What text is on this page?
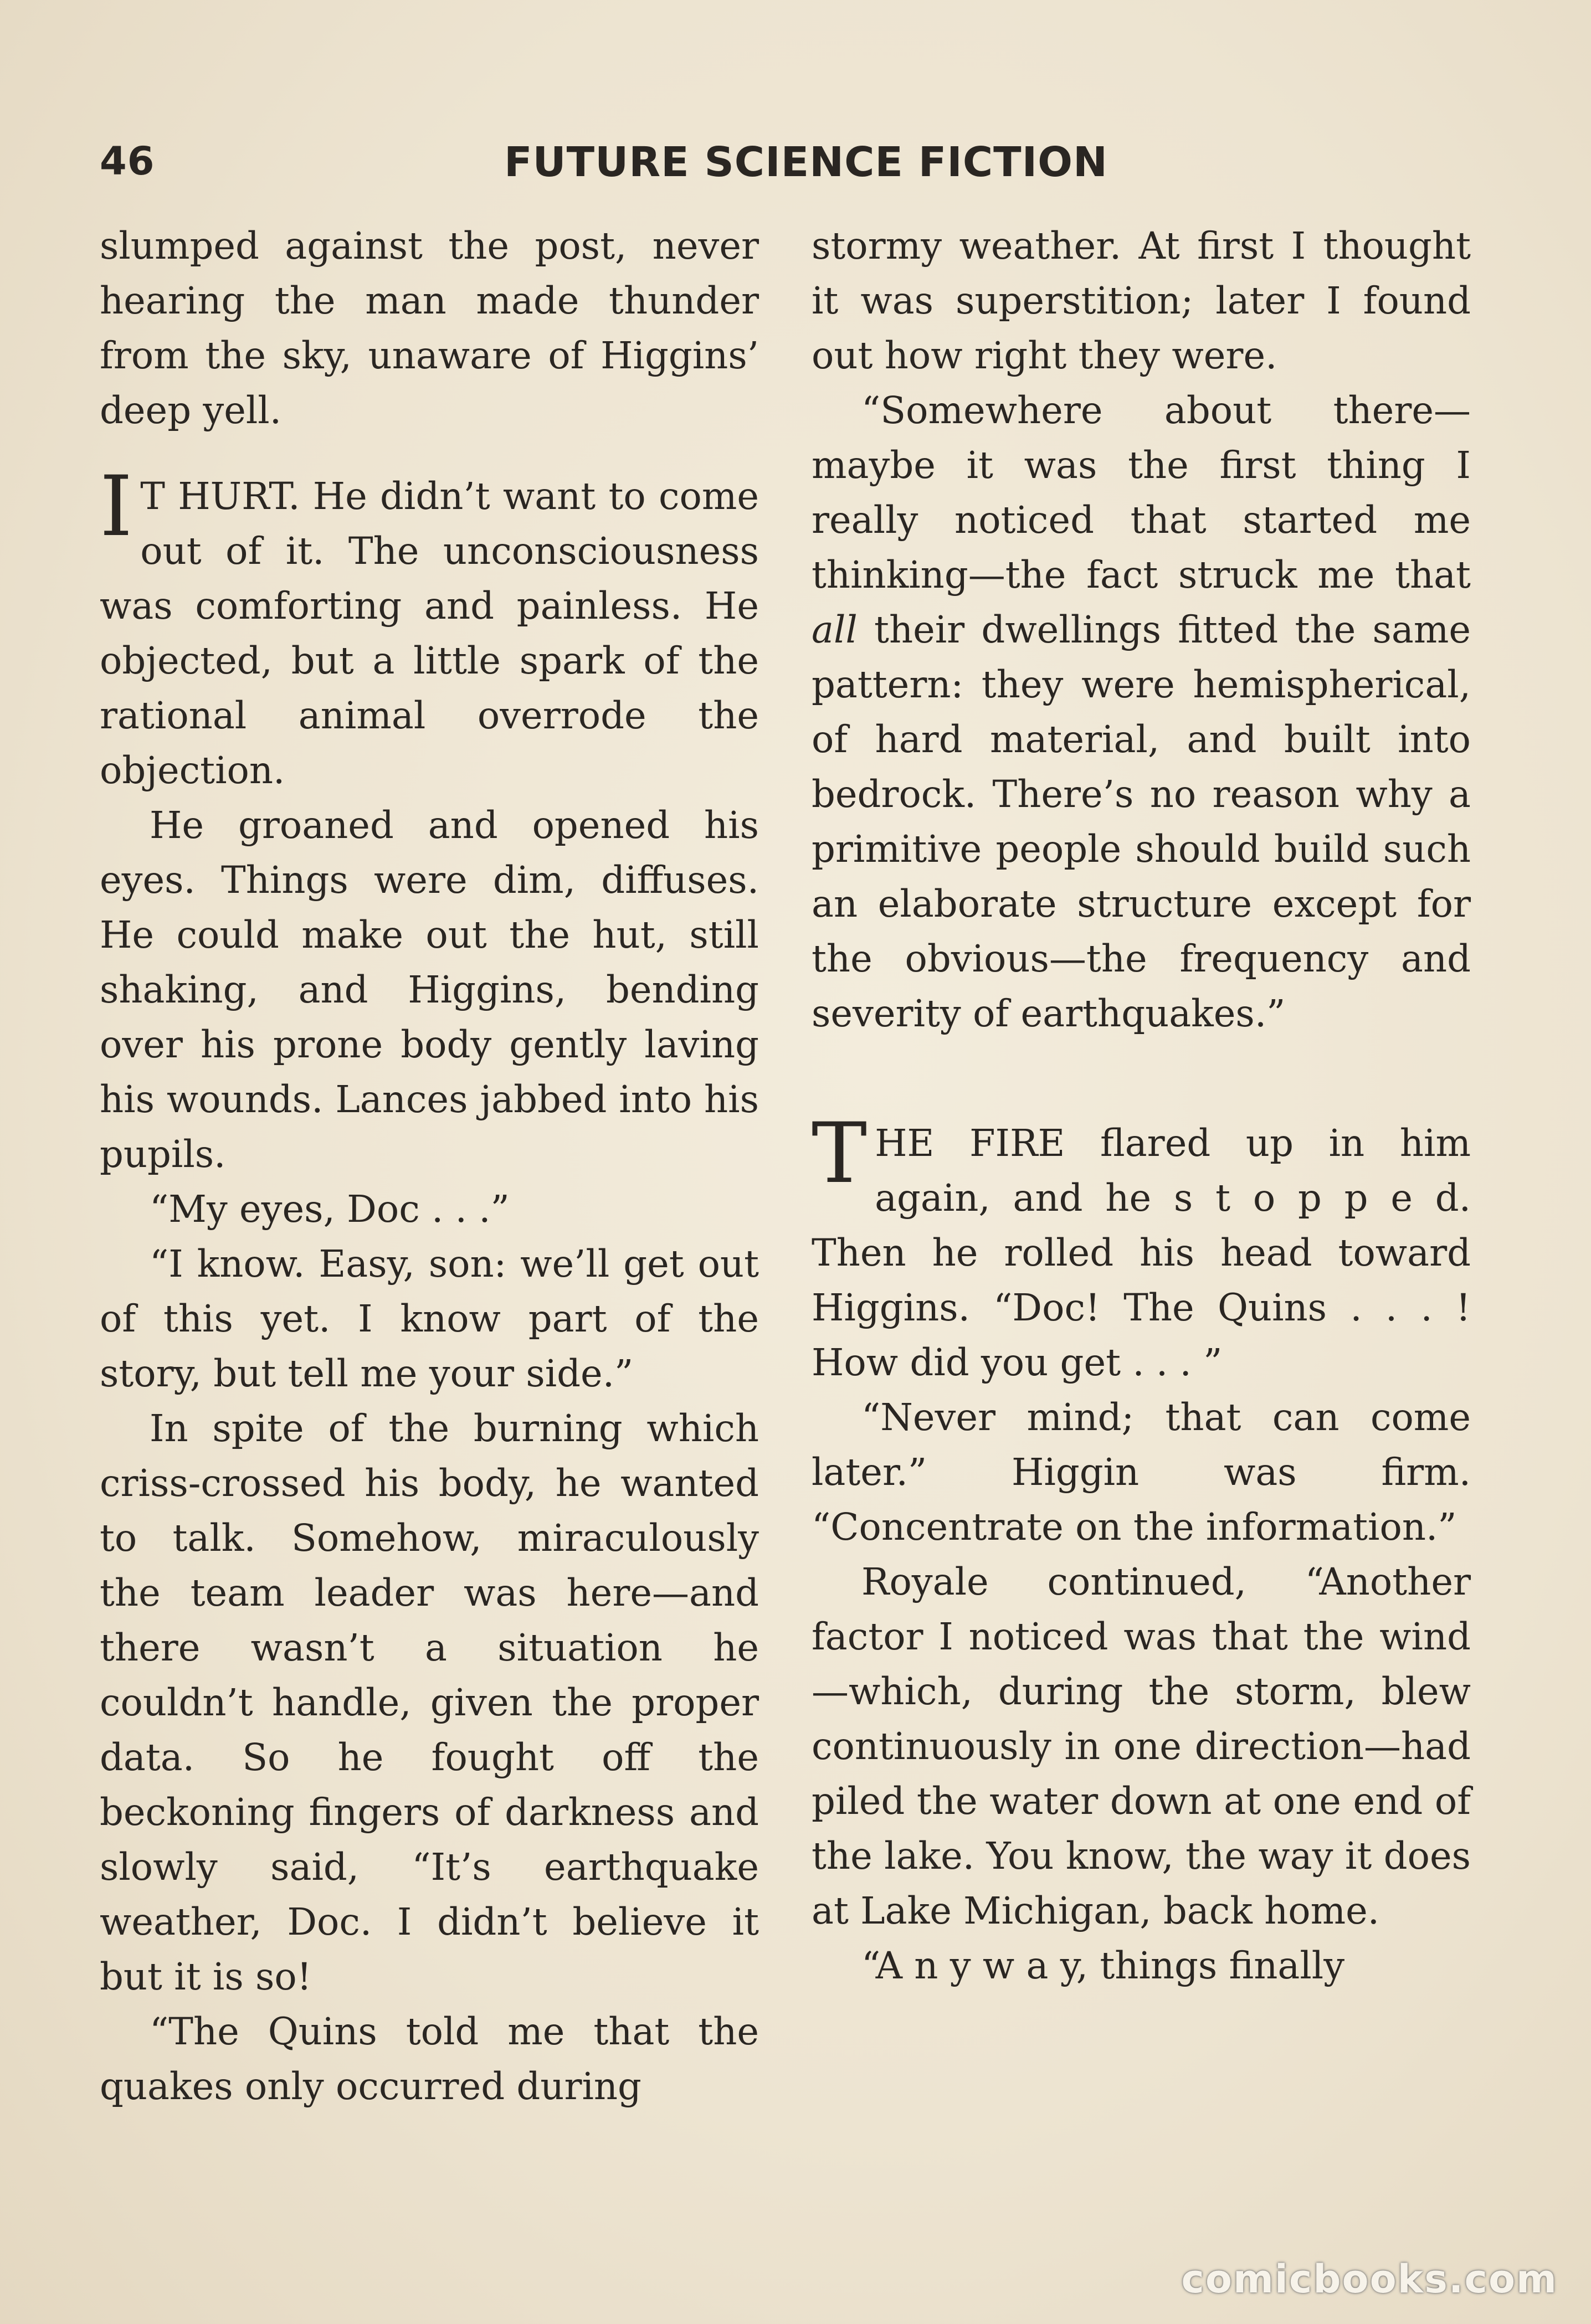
46	FUTURE SCIENCE FICTION

slumped against the post, never hearing the man made thunder from the sky, unaware of Higgins’ deep yell.

I T HURT. He didn’t want to come out of it. The unconsciousness was comforting and painless. He objected, but a little spark of the rational animal overrode the objection.

He groaned and opened his eyes. Things were dim, diffuses. He could make out the hut, still shaking, and Higgins, bending over his prone body gently laving his wounds. Lances jabbed into his pupils.

“My eyes, Doc . . .”

“I know. Easy, son: we’ll get out of this yet. I know part of the story, but tell me your side.”

In spite of the burning which criss-crossed his body, he wanted to talk. Somehow, miraculously the team leader was here—and there wasn’t a situation he couldn’t handle, given the proper data. So he fought off the beckoning fingers of darkness and slowly said, “It’s earthquake weather, Doc. I didn’t believe it but it is so!

“The Quins told me that the quakes only occurred during

stormy weather. At first I thought it was superstition; later I found out how right they were.

“Somewhere about there—maybe it was the first thing I really noticed that started me thinking—the fact struck me that all their dwellings fitted the same pattern: they were hemispherical, of hard material, and built into bedrock. There’s no reason why a primitive people should build such an elaborate structure except for the obvious—the frequency and severity of earthquakes.”

THE FIRE flared up in him again, and he s t o p p e d. Then he rolled his head toward Higgins. “Doc! The Quins . . . ! How did you get . . . ”

“Never mind; that can come later.” Higgin was firm. “Concentrate on the information.”

Royale continued, “Another factor I noticed was that the wind—which, during the storm, blew continuously in one direction—had piled the water down at one end of the lake. You know, the way it does at Lake Michigan, back home.

“A n y w a y, things finally

comicbooks.com
